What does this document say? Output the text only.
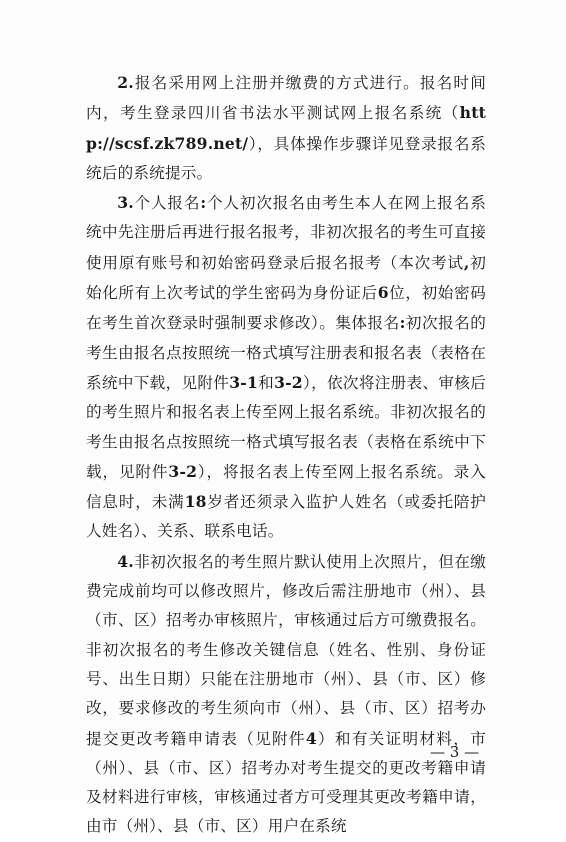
2.报名采用网上注册并缴费的方式进行。报名时间内，考生登录四川省书法水平测试网上报名系统（http://scsf.zk789.net/），具体操作步骤详见登录报名系统后的系统提示。

3.个人报名:个人初次报名由考生本人在网上报名系统中先注册后再进行报名报考，非初次报名的考生可直接使用原有账号和初始密码登录后报名报考（本次考试,初始化所有上次考试的学生密码为身份证后6位，初始密码在考生首次登录时强制要求修改）。集体报名:初次报名的考生由报名点按照统一格式填写注册表和报名表（表格在系统中下载，见附件3-1和3-2），依次将注册表、审核后的考生照片和报名表上传至网上报名系统。非初次报名的考生由报名点按照统一格式填写报名表（表格在系统中下载，见附件3-2），将报名表上传至网上报名系统。录入信息时，未满18岁者还须录入监护人姓名（或委托陪护人姓名）、关系、联系电话。

4.非初次报名的考生照片默认使用上次照片，但在缴费完成前均可以修改照片，修改后需注册地市（州）、县（市、区）招考办审核照片，审核通过后方可缴费报名。非初次报名的考生修改关键信息（姓名、性别、身份证号、出生日期）只能在注册地市（州）、县（市、区）修改，要求修改的考生须向市（州）、县（市、区）招考办提交更改考籍申请表（见附件4）和有关证明材料，市（州）、县（市、区）招考办对考生提交的更改考籍申请及材料进行审核，审核通过者方可受理其更改考籍申请，由市（州）、县（市、区）用户在系统

— 3 —
